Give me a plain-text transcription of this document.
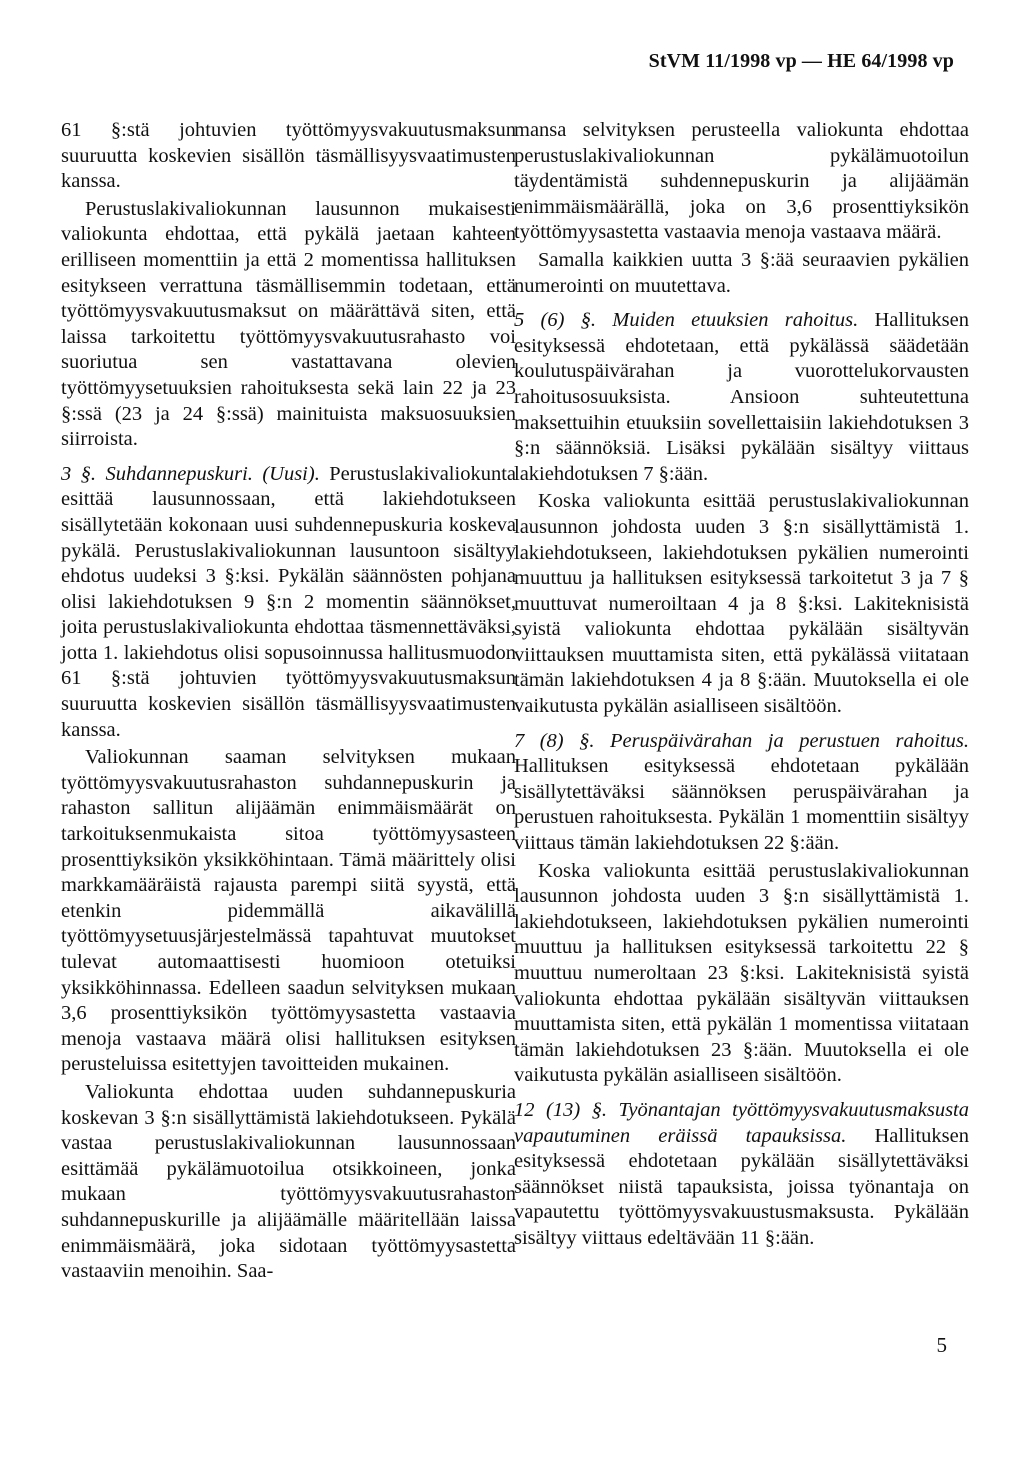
StVM 11/1998 vp — HE 64/1998 vp

61 §:stä johtuvien työttömyysvakuutusmaksun suuruutta koskevien sisällön täsmällisyysvaatimusten kanssa.

Perustuslakivaliokunnan lausunnon mukaisesti valiokunta ehdottaa, että pykälä jaetaan kahteen erilliseen momenttiin ja että 2 momentissa hallituksen esitykseen verrattuna täsmällisemmin todetaan, että työttömyysvakuutusmaksut on määrättävä siten, että laissa tarkoitettu työttömyysvakuutusrahasto voi suoriutua sen vastattavana olevien työttömyysetuuksien rahoituksesta sekä lain 22 ja 23 §:ssä (23 ja 24 §:ssä) mainituista maksuosuuksien siirroista.

3 §. Suhdannepuskuri. (Uusi). Perustuslakivaliokunta esittää lausunnossaan, että lakiehdotukseen sisällytetään kokonaan uusi suhdennepuskuria koskeva pykälä. Perustuslakivaliokunnan lausuntoon sisältyy ehdotus uudeksi 3 §:ksi. Pykälän säännösten pohjana olisi lakiehdotuksen 9 §:n 2 momentin säännökset, joita perustuslakivaliokunta ehdottaa täsmennettäväksi, jotta 1. lakiehdotus olisi sopusoinnussa hallitusmuodon 61 §:stä johtuvien työttömyysvakuutusmaksun suuruutta koskevien sisällön täsmällisyysvaatimusten kanssa.

Valiokunnan saaman selvityksen mukaan työttömyysvakuutusrahaston suhdannepuskurin ja rahaston sallitun alijäämän enimmäismäärät on tarkoituksenmukaista sitoa työttömyysasteen prosenttiyksikön yksikköhintaan. Tämä määrittely olisi markkamääräistä rajausta parempi siitä syystä, että etenkin pidemmällä aikavälillä työttömyysetuusjärjestelmässä tapahtuvat muutokset tulevat automaattisesti huomioon otetuiksi yksikköhinnassa. Edelleen saadun selvityksen mukaan 3,6 prosenttiyksikön työttömyysastetta vastaavia menoja vastaava määrä olisi hallituksen esityksen perusteluissa esitettyjen tavoitteiden mukainen.

Valiokunta ehdottaa uuden suhdannepuskuria koskevan 3 §:n sisällyttämistä lakiehdotukseen. Pykälä vastaa perustuslakivaliokunnan lausunnossaan esittämää pykälämuotoilua otsikkoineen, jonka mukaan työttömyysvakuutusrahaston suhdannepuskurille ja alijäämälle määritellään laissa enimmäismäärä, joka sidotaan työttömyysastetta vastaaviin menoihin. Saa-

mansa selvityksen perusteella valiokunta ehdottaa perustuslakivaliokunnan pykälämuotoilun täydentämistä suhdennepuskurin ja alijäämän enimmäismäärällä, joka on 3,6 prosenttiyksikön työttömyysastetta vastaavia menoja vastaava määrä.

Samalla kaikkien uutta 3 §:ää seuraavien pykälien numerointi on muutettava.

5 (6) §. Muiden etuuksien rahoitus. Hallituksen esityksessä ehdotetaan, että pykälässä säädetään koulutuspäivärahan ja vuorottelukorvausten rahoitusosuuksista. Ansioon suhteutettuna maksettuihin etuuksiin sovellettaisiin lakiehdotuksen 3 §:n säännöksiä. Lisäksi pykälään sisältyy viittaus lakiehdotuksen 7 §:ään.

Koska valiokunta esittää perustuslakivaliokunnan lausunnon johdosta uuden 3 §:n sisällyttämistä 1. lakiehdotukseen, lakiehdotuksen pykälien numerointi muuttuu ja hallituksen esityksessä tarkoitetut 3 ja 7 § muuttuvat numeroiltaan 4 ja 8 §:ksi. Lakiteknisistä syistä valiokunta ehdottaa pykälään sisältyvän viittauksen muuttamista siten, että pykälässä viitataan tämän lakiehdotuksen 4 ja 8 §:ään. Muutoksella ei ole vaikutusta pykälän asialliseen sisältöön.

7 (8) §. Peruspäivärahan ja perustuen rahoitus. Hallituksen esityksessä ehdotetaan pykälään sisällytettäväksi säännöksen peruspäivärahan ja perustuen rahoituksesta. Pykälän 1 momenttiin sisältyy viittaus tämän lakiehdotuksen 22 §:ään.

Koska valiokunta esittää perustuslakivaliokunnan lausunnon johdosta uuden 3 §:n sisällyttämistä 1. lakiehdotukseen, lakiehdotuksen pykälien numerointi muuttuu ja hallituksen esityksessä tarkoitettu 22 § muuttuu numeroltaan 23 §:ksi. Lakiteknisistä syistä valiokunta ehdottaa pykälään sisältyvän viittauksen muuttamista siten, että pykälän 1 momentissa viitataan tämän lakiehdotuksen 23 §:ään. Muutoksella ei ole vaikutusta pykälän asialliseen sisältöön.

12 (13) §. Työnantajan työttömyysvakuutusmaksusta vapautuminen eräissä tapauksissa. Hallituksen esityksessä ehdotetaan pykälään sisällytettäväksi säännökset niistä tapauksista, joissa työnantaja on vapautettu työttömyysvakuustusmaksusta. Pykälään sisältyy viittaus edeltävään 11 §:ään.

5
